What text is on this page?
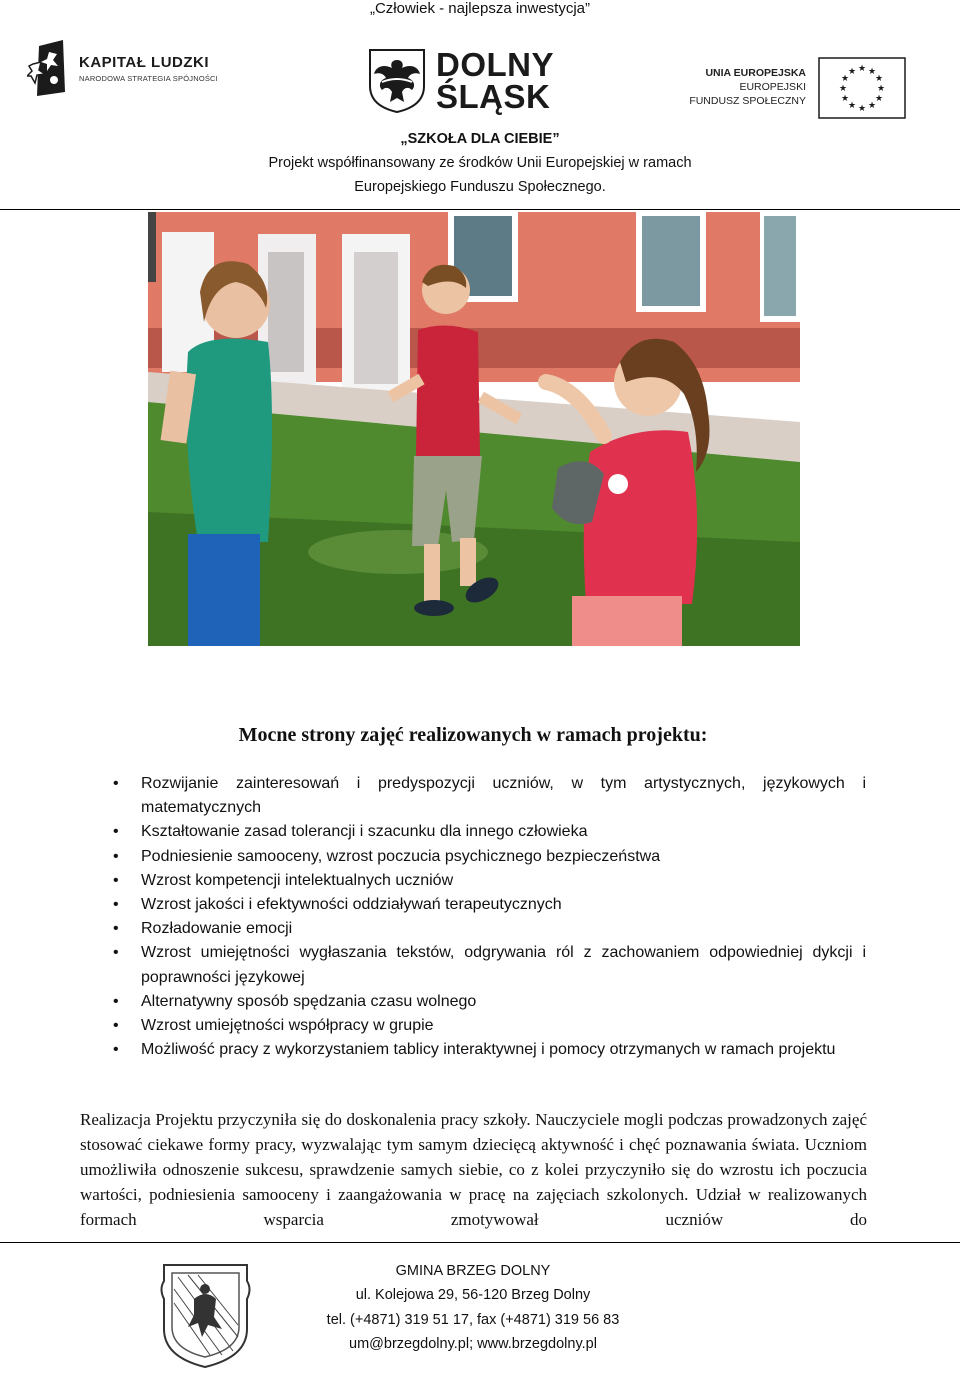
„Człowiek - najlepsza inwestycja”
KAPITAŁ LUDZKI
NARODOWA STRATEGIA SPÓJNOŚCI	DOLNY
ŚLĄSK
UNIA EUROPEJSKA
EUROPEJSKI
FUNDUSZ SPOŁECZNY
★ ★
★
★
★
★
★
★
★
★
★
★
„SZKOŁA DLA CIEBIE”
Projekt współfinansowany ze środków Unii Europejskiej w ramach
Europejskiego Funduszu Społecznego.
Mocne strony zajęć realizowanych w ramach projektu:
• Rozwijanie zainteresowań i predyspozycji uczniów, w tym artystycznych, językowych i matematycznych
• Kształtowanie zasad tolerancji i szacunku dla innego człowieka
• Podniesienie samooceny, wzrost poczucia psychicznego bezpieczeństwa
• Wzrost kompetencji intelektualnych uczniów
• Wzrost jakości i efektywności oddziaływań terapeutycznych
• Rozładowanie emocji
• Wzrost umiejętności wygłaszania tekstów, odgrywania ról z zachowaniem odpowiedniej dykcji i poprawności językowej
• Alternatywny sposób spędzania czasu wolnego
• Wzrost umiejętności współpracy w grupie
• Możliwość pracy z wykorzystaniem tablicy interaktywnej i pomocy otrzymanych w ramach projektu

Realizacja Projektu przyczyniła się do doskonalenia pracy szkoły. Nauczyciele mogli podczas prowadzonych zajęć stosować ciekawe formy pracy, wyzwalając tym samym dziecięcą aktywność i chęć poznawania świata. Uczniom umożliwiła odnoszenie sukcesu, sprawdzenie samych siebie, co z kolei przyczyniło się do wzrostu ich poczucia wartości, podniesienia samooceny i zaangażowania w pracę na zajęciach szkolonych. Udział w realizowanych formach wsparcia zmotywował uczniów do

GMINA BRZEG DOLNY
ul. Kolejowa 29, 56-120 Brzeg Dolny
tel. (+4871) 319 51 17, fax (+4871) 319 56 83
um@brzegdolny.pl; www.brzegdolny.pl
